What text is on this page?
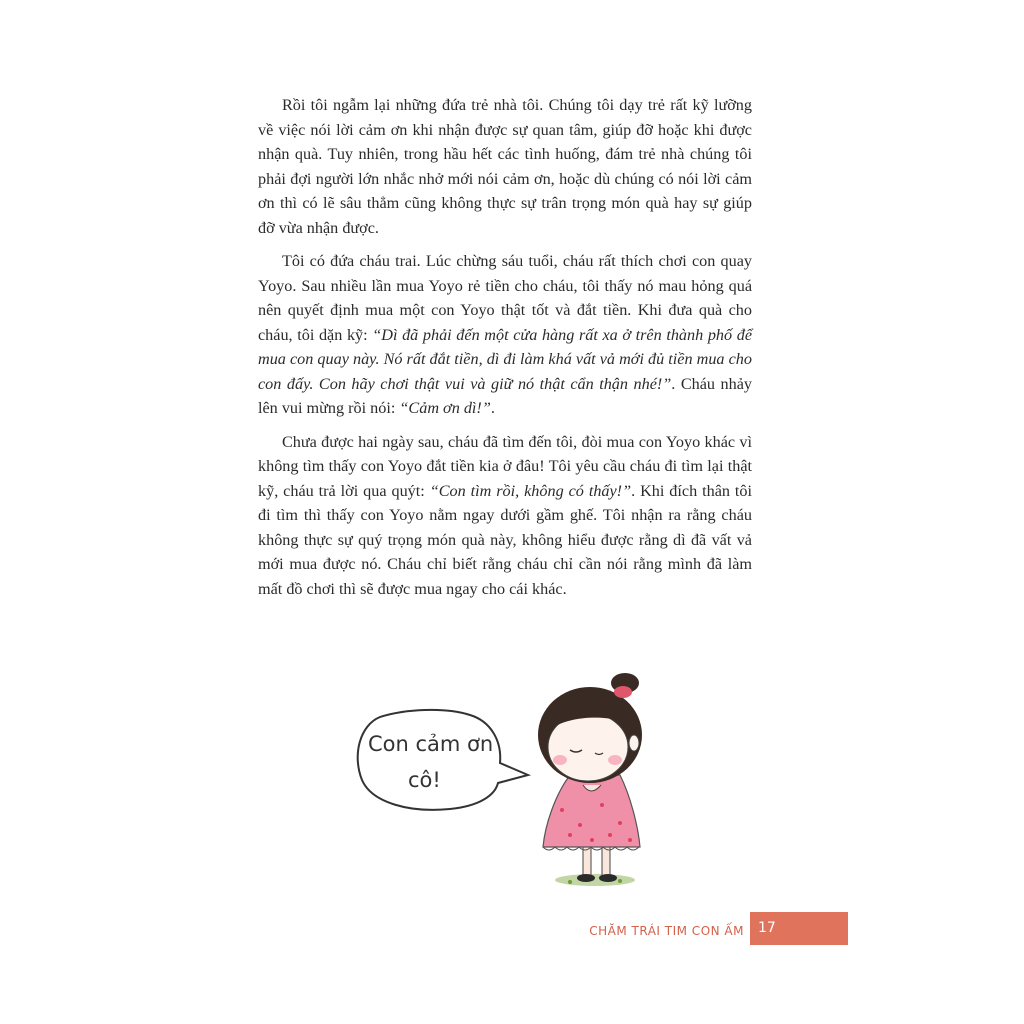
Rồi tôi ngẫm lại những đứa trẻ nhà tôi. Chúng tôi dạy trẻ rất kỹ lưỡng về việc nói lời cảm ơn khi nhận được sự quan tâm, giúp đỡ hoặc khi được nhận quà. Tuy nhiên, trong hầu hết các tình huống, đám trẻ nhà chúng tôi phải đợi người lớn nhắc nhở mới nói cảm ơn, hoặc dù chúng có nói lời cảm ơn thì có lẽ sâu thẳm cũng không thực sự trân trọng món quà hay sự giúp đỡ vừa nhận được.

Tôi có đứa cháu trai. Lúc chừng sáu tuổi, cháu rất thích chơi con quay Yoyo. Sau nhiều lần mua Yoyo rẻ tiền cho cháu, tôi thấy nó mau hỏng quá nên quyết định mua một con Yoyo thật tốt và đắt tiền. Khi đưa quà cho cháu, tôi dặn kỹ: “Dì đã phải đến một cửa hàng rất xa ở trên thành phố để mua con quay này. Nó rất đắt tiền, dì đi làm khá vất vả mới đủ tiền mua cho con đấy. Con hãy chơi thật vui và giữ nó thật cẩn thận nhé!”. Cháu nhảy lên vui mừng rồi nói: “Cảm ơn dì!”.

Chưa được hai ngày sau, cháu đã tìm đến tôi, đòi mua con Yoyo khác vì không tìm thấy con Yoyo đắt tiền kia ở đâu! Tôi yêu cầu cháu đi tìm lại thật kỹ, cháu trả lời qua quýt: “Con tìm rồi, không có thấy!”. Khi đích thân tôi đi tìm thì thấy con Yoyo nằm ngay dưới gầm ghế. Tôi nhận ra rằng cháu không thực sự quý trọng món quà này, không hiểu được rằng dì đã vất vả mới mua được nó. Cháu chỉ biết rằng cháu chỉ cần nói rằng mình đã làm mất đồ chơi thì sẽ được mua ngay cho cái khác.

Con cảm ơn
cô!
CHĂM TRÁI TIM CON ẤM 17
